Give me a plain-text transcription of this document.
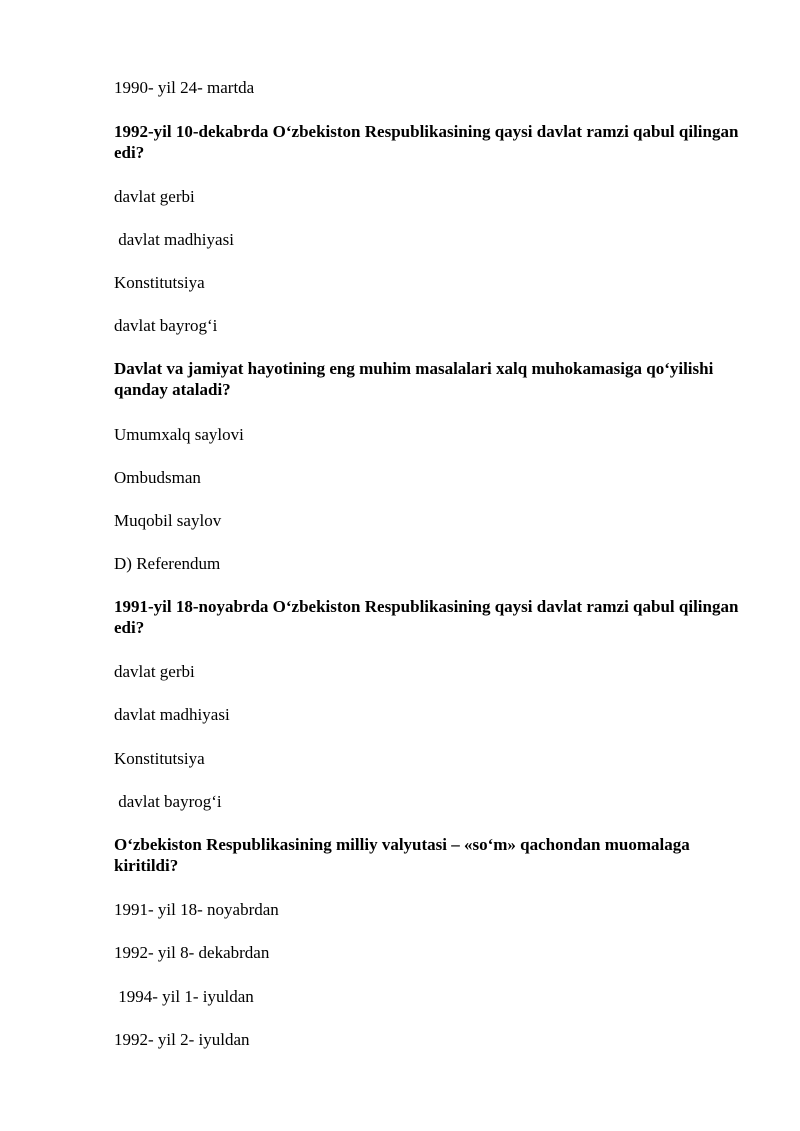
1990- yil 24- martda
1992-yil 10-dekabrda O‘zbekiston Respublikasining qaysi davlat ramzi qabul qilingan edi?
davlat gerbi
davlat madhiyasi
Konstitutsiya
davlat bayrog‘i
Davlat va jamiyat hayotining eng muhim masalalari xalq muhokamasiga qo‘yilishi qanday ataladi?
Umumxalq saylovi
Ombudsman
Muqobil saylov
D) Referendum
1991-yil 18-noyabrda O‘zbekiston Respublikasining qaysi davlat ramzi qabul qilingan edi?
davlat gerbi
davlat madhiyasi
Konstitutsiya
davlat bayrog‘i
O‘zbekiston Respublikasining milliy valyutasi – «so‘m» qachondan muomalaga kiritildi?
1991- yil 18- noyabrdan
1992- yil 8- dekabrdan
1994- yil 1- iyuldan
1992- yil 2- iyuldan
